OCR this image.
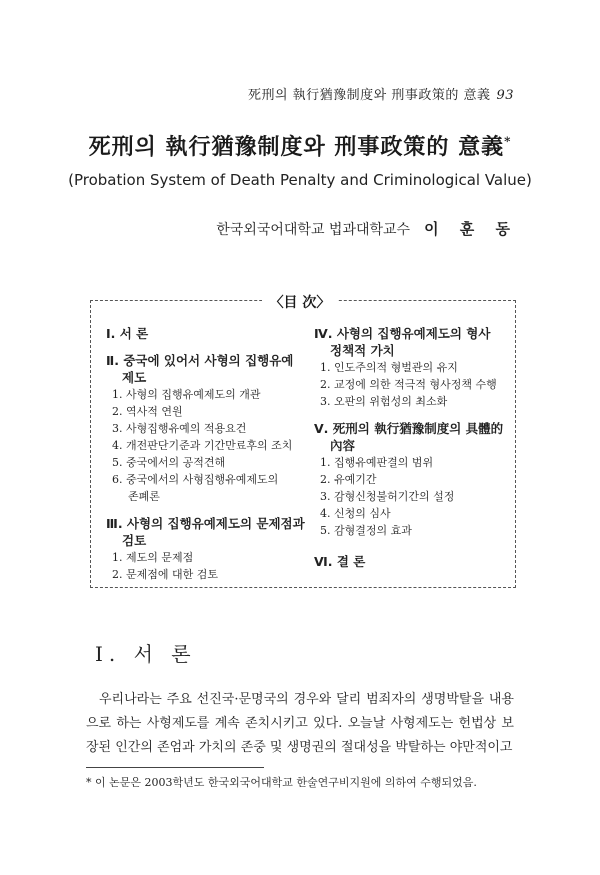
死刑의 執行猶豫制度와 刑事政策的 意義 93
死刑의 執行猶豫制度와 刑事政策的 意義*
(Probation System of Death Penalty and Criminological Value)
한국외국어대학교 법과대학교수 이 훈 동
〈目 次〉
Ⅰ. 서 론
Ⅱ. 중국에 있어서 사형의 집행유예
제도
1. 사형의 집행유예제도의 개관
2. 역사적 연원
3. 사형집행유예의 적용요건
4. 개전판단기준과 기간만료후의 조치
5. 중국에서의 공적견해
6. 중국에서의 사형집행유예제도의
존폐론
Ⅲ. 사형의 집행유예제도의 문제점과
검토
1. 제도의 문제점
2. 문제점에 대한 검토
Ⅳ. 사형의 집행유예제도의 형사
정책적 가치
1. 인도주의적 형벌관의 유지
2. 교정에 의한 적극적 형사정책 수행
3. 오판의 위험성의 최소화
Ⅴ. 死刑의 執行猶豫制度의 具體的
內容
1. 집행유예판결의 범위
2. 유예기간
3. 감형신청불허기간의 설정
4. 신청의 심사
5. 감형결정의 효과
Ⅵ. 결 론
Ⅰ. 서 론
우리나라는 주요 선진국·문명국의 경우와 달리 범죄자의 생명박탈을 내용으로 하는 사형제도를 계속 존치시키고 있다. 오늘날 사형제도는 헌법상 보장된 인간의 존엄과 가치의 존중 및 생명권의 절대성을 박탈하는 야만적이고
* 이 논문은 2003학년도 한국외국어대학교 한술연구비지원에 의하여 수행되었음.
